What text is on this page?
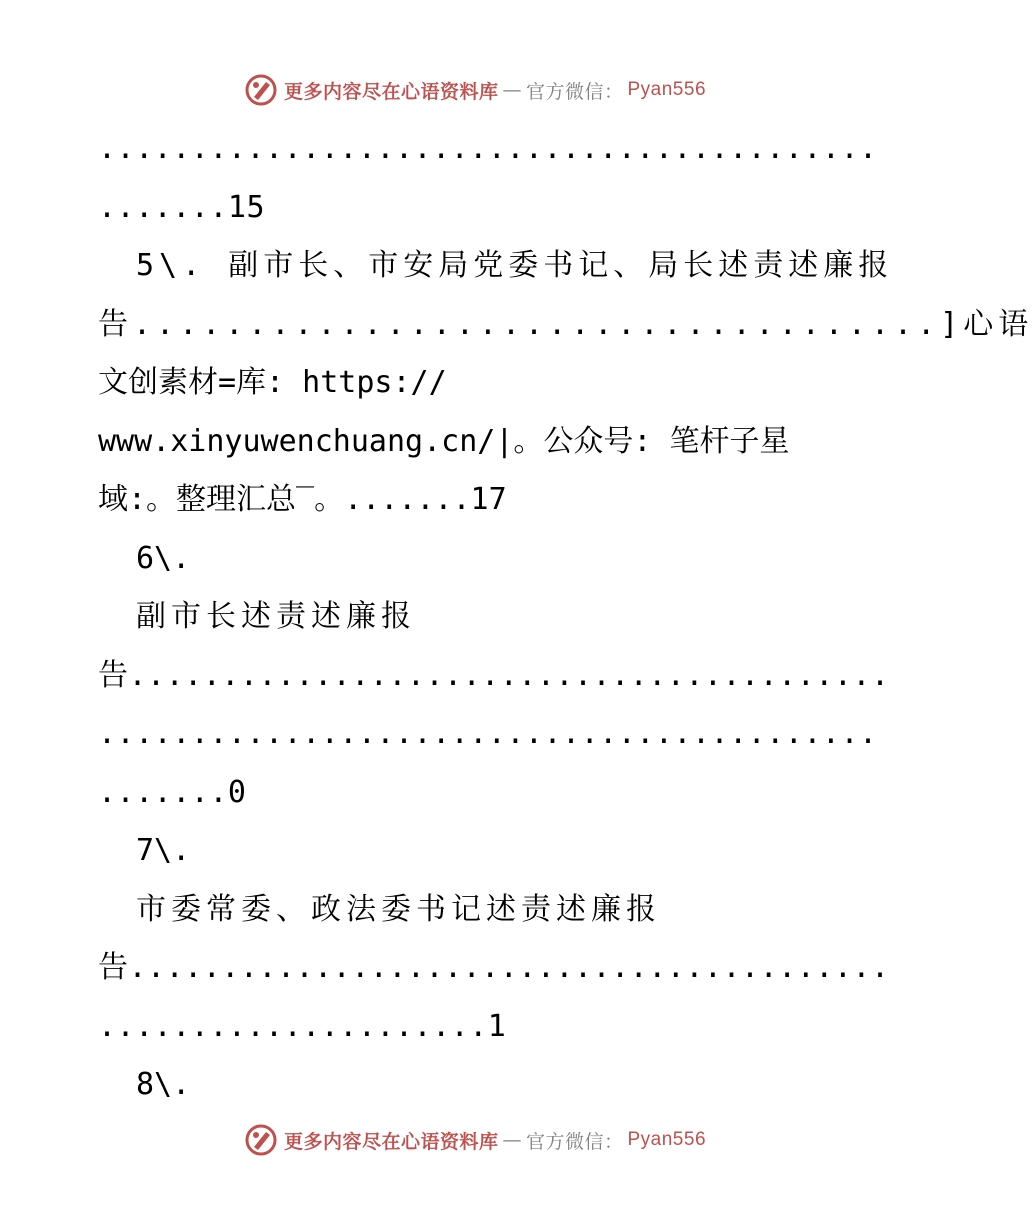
更多内容尽在心语资料库 — 官方微信： Pyan556
..........................................
.......15
5\. 副市长、市安局党委书记、局长述责述廉报
告...................................]心语
文创素材=库: https://
www.xinyuwenchuang.cn/|。公众号: 笔杆子星
域:。整理汇总‾。.......17
6\.
副市长述责述廉报
告.........................................
..........................................
.......0
7\.
市委常委、政法委书记述责述廉报
告.........................................
.....................1
8\.
更多内容尽在心语资料库 — 官方微信： Pyan556
